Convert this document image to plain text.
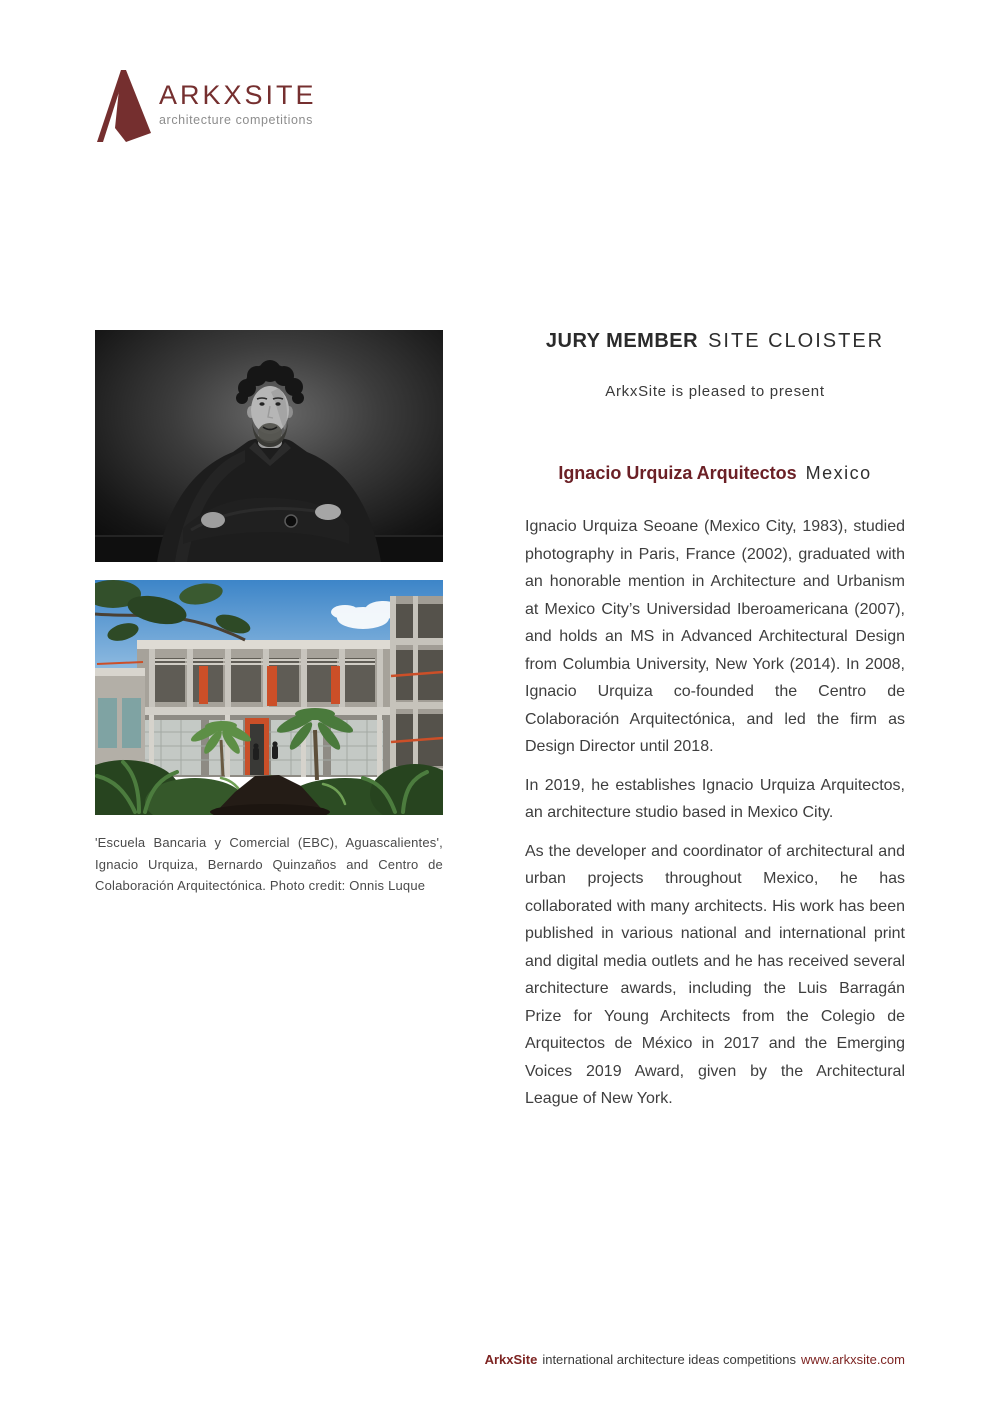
ARKXSITE
architecture competitions

'Escuela Bancaria y Comercial (EBC), Aguascalientes', Ignacio Urquiza, Bernardo Quinzaños and Centro de Colaboración Arquitectónica. Photo credit: Onnis Luque

JURY MEMBER SITE CLOISTER

ArkxSite is pleased to present

Ignacio Urquiza Arquitectos Mexico

Ignacio Urquiza Seoane (Mexico City, 1983), studied photography in Paris, France (2002), graduated with an honorable mention in Architecture and Urbanism at Mexico City’s Universidad Iberoamericana (2007), and holds an MS in Advanced Architectural Design from Columbia University, New York (2014). In 2008, Ignacio Urquiza co-founded the Centro de Colaboración Arquitectónica, and led the firm as Design Director until 2018.

In 2019, he establishes Ignacio Urquiza Arquitectos, an architecture studio based in Mexico City.

As the developer and coordinator of architectural and urban projects throughout Mexico, he has collaborated with many architects. His work has been published in various national and international print and digital media outlets and he has received several architecture awards, including the Luis Barragán Prize for Young Architects from the Colegio de Arquitectos de México in 2017 and the Emerging Voices 2019 Award, given by the Architectural League of New York.

ArkxSite international architecture ideas competitions www.arkxsite.com
